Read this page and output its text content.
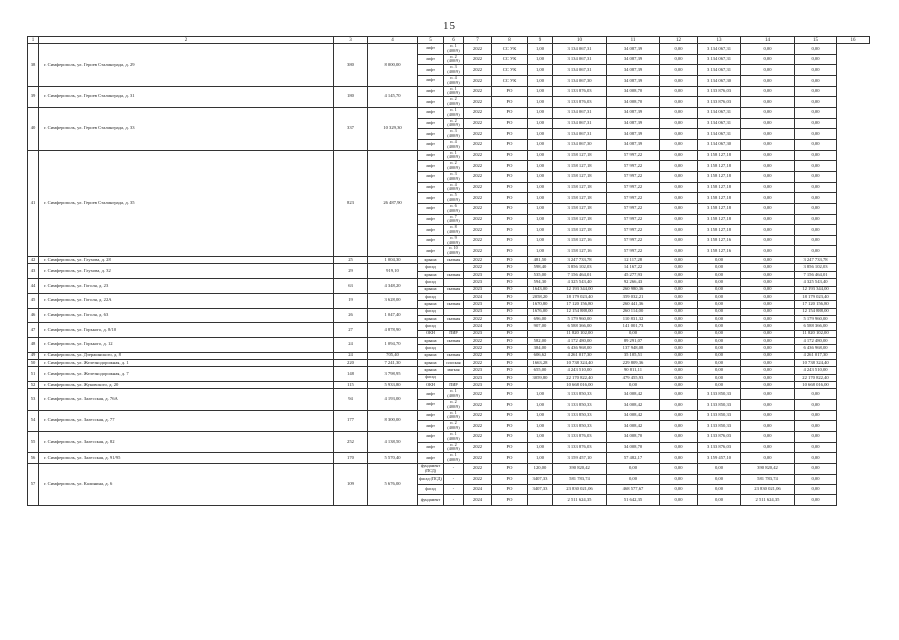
15
1	2	3	4	5	6	7	8	9	10	11	12	13	14	15	16
38	г. Симферополь, ул. Героев Сталинграда, д. 29	380	8 000,00	лифт	п. 1 (400/9)	2022	СС УК	1,00	3 134 067,31	34 087,39	0,00	3 134 067,31	0,00	0,00	
				лифт	п. 2 (400/9)	2022	СС УК	1,00	3 134 067,31	34 087,39	0,00	3 134 067,31	0,00	0,00	
				лифт	п. 3 (400/9)	2022	СС УК	1,00	3 134 067,31	34 087,39	0,00	3 134 067,31	0,00	0,00	
				лифт	п. 4 (400/9)	2022	СС УК	1,00	3 134 067,30	34 087,39	0,00	3 134 067,30	0,00	0,00	
39	г. Симферополь, ул. Героев Сталинграда, д. 31	180	4 145,70	лифт	п. 1 (400/9)	2022	РО	1,00	3 133 876,03	34 008,70	0,00	3 133 876,03	0,00	0,00	
				лифт	п. 2 (400/9)	2022	РО	1,00	3 133 876,03	34 008,70	0,00	3 133 876,03	0,00	0,00	
40	г. Симферополь, ул. Героев Сталинграда, д. 33	337	10 329,30	лифт	п. 1 (400/9)	2022	РО	1,00	3 134 067,31	34 087,39	0,00	3 134 067,31	0,00	0,00	
				лифт	п. 2 (400/9)	2022	РО	1,00	3 134 067,31	34 087,39	0,00	3 134 067,31	0,00	0,00	
				лифт	п. 3 (400/9)	2022	РО	1,00	3 134 067,31	34 087,39	0,00	3 134 067,31	0,00	0,00	
				лифт	п. 4 (400/9)	2022	РО	1,00	3 134 067,30	34 087,39	0,00	3 134 067,30	0,00	0,00	
41	г. Симферополь, ул. Героев Сталинграда, д. 35	823	26 487,90	лифт	п. 1 (400/9)	2022	РО	1,00	3 158 127,18	57 997,22	0,00	3 158 127,18	0,00	0,00	
				лифт	п. 2 (400/9)	2022	РО	1,00	3 158 127,18	57 997,22	0,00	3 158 127,18	0,00	0,00	
				лифт	п. 3 (400/9)	2022	РО	1,00	3 158 127,18	57 997,22	0,00	3 158 127,18	0,00	0,00	
				лифт	п. 4 (400/9)	2022	РО	1,00	3 158 127,18	57 997,22	0,00	3 158 127,18	0,00	0,00	
				лифт	п. 5 (400/9)	2022	РО	1,00	3 158 127,18	57 997,22	0,00	3 158 127,18	0,00	0,00	
				лифт	п. 6 (400/9)	2022	РО	1,00	3 158 127,18	57 997,22	0,00	3 158 127,18	0,00	0,00	
				лифт	п. 7 (400/9)	2022	РО	1,00	3 158 127,18	57 997,22	0,00	3 158 127,18	0,00	0,00	
				лифт	п. 8 (400/9)	2022	РО	1,00	3 158 127,18	57 997,22	0,00	3 158 127,18	0,00	0,00	
				лифт	п. 9 (400/9)	2022	РО	1,00	3 158 127,16	57 997,22	0,00	3 158 127,16	0,00	0,00	
				лифт	п. 10 (400/9)	2022	РО	1,00	3 158 127,16	57 997,22	0,00	3 158 127,16	0,00	0,00	
42	г. Симферополь, ул. Глухова, д. 28	25	1 004,30	крыша	скатная	2022	РО	481,50	3 247 733,78	12 117,28	0,00	0,00	0,00	3 247 733,78	
43	г. Симферополь, ул. Глухова, д. 32	29	919,10	фасад		2022	РО	598,40	3 856 102,03	14 167,22	0,00	0,00	0,00	3 856 102,03	
				крыша	скатная	2023	РО	535,00	7 156 464,01	45 277,93	0,00	0,00	0,00	7 156 464,01	
44	г. Симферополь, ул. Гоголя, д. 23	63	4 348,20	фасад		2023	РО	594,30	4 325 543,40	92 266,43	0,00	0,00	0,00	4 325 543,40	
				крыша	скатная	2023	РО	1643,00	12 193 344,00	260 980,36	0,00	0,00	0,00	12 193 344,00	
45	г. Симферополь, ул. Гоголя, д. 22А	19	3 628,00	фасад		2024	РО	2058,20	18 179 023,40	359 032,21	0,00	0,00	0,00	18 179 023,40	
				крыша	скатная	2023	РО	1670,80	17 120 156,80	260 441,36	0,00	0,00	0,00	17 120 156,80	
46	г. Симферополь, ул. Гоголя, д. 63	26	1 047,40	фасад		2023	РО	1676,00	12 154 888,00	260 114,00	0,00	0,00	0,00	12 154 888,00	
				крыша	скатная	2022	РО	696,00	5 179 960,00	110 831,32	0,00	0,00	0,00	5 179 960,00	
47	г. Симферополь, ул. Горького, д. 8/10	27	4 878,90	фасад		2024	РО	907,00	6 588 366,00	141 001,73	0,00	0,00	0,00	6 588 366,00	
				ОКН	ПИР	2023	РО		11 820 102,00	0,00	0,00	0,00	0,00	11 820 102,00	
48	г. Симферополь, ул. Горького, д. 12	24	1 094,70	крыша	скатная	2022	РО	582,00	4 172 480,00	89 291,07	0,00	0,00	0,00	4 172 480,00	
				фасад		2022	РО	384,00	6 436 968,00	137 948,08	0,00	0,00	0,00	6 436 968,00	
49	г. Симферополь, ул. Дзержинского, д. 8	24	705,40	крыша	скатная	2022	РО	606,62	4 261 017,30	35 105,51	0,00	0,00	0,00	4 261 017,30	
50	г. Симферополь, ул. Железнодорожная, д. 1	220	7 241,30	крыша	плоская	2022	РО	1663,28	10 738 324,40	229 809,36	0,00	0,00	0,00	10 738 324,40	
51	г. Симферополь, ул. Железнодорожная, д. 7	148	3 798,95	крыша	мягкая	2023	РО	655,00	4 243 510,00	90 811,11	0,00	0,00	0,00	4 243 510,00	
				фасад		2023	РО	3059,80	22 170 822,40	479 455,93	0,00	0,00	0,00	22 170 822,40	
52	г. Симферополь, ул. Жуковского, д. 20	115	5 933,80	ОКН	ПИР	2023	РО		10 668 016,00	0,00	0,00	0,00	0,00	10 668 016,00	
53	г. Симферополь, ул. Залесская, д. 76А	94	4 193,00	лифт	п. 1 (400/9)	2022	РО	1,00	3 133 850,33	34 008,42	0,00	3 133 850,33	0,00	0,00	
				лифт	п. 2 (400/9)	2022	РО	1,00	3 133 850,33	34 008,42	0,00	3 133 850,33	0,00	0,00	
54	г. Симферополь, ул. Залесская, д. 77	177	8 300,00	лифт	п. 1 (400/9)	2022	РО	1,00	3 133 850,33	34 008,42	0,00	3 133 850,33	0,00	0,00	
				лифт	п. 2 (400/9)	2022	РО	1,00	3 133 850,33	34 008,42	0,00	3 133 850,33	0,00	0,00	
55	г. Симферополь, ул. Залесская, д. 82	252	4 138,50	лифт	п. 1 (400/9)	2022	РО	1,00	3 133 876,03	34 008,70	0,00	3 133 876,03	0,00	0,00	
				лифт	п. 2 (400/9)	2022	РО	1,00	3 133 876,03	34 008,70	0,00	3 133 876,03	0,00	0,00	
56	г. Симферополь, ул. Залесская, д. 91/95	170	5 570,40	лифт	п. 1 (400/9)	2022	РО	1,00	3 159 457,10	57 482,17	0,00	3 159 457,10	0,00	0,00	
57	г. Симферополь, ул. Калинина, д. 6	109	5 676,00	фундамент (ПСД)	-	2022	РО	120,00	390 820,42	0,00	0,00	0,00	390 820,42	0,00	
				фасад (ПСД)	-	2022	РО	3407,33	581 783,74	0,00	0,00	0,00	581 783,74	0,00	
				фасад	-	2024	РО	3407,33	23 830 021,06	468 577,67	0,00	0,00	23 830 021,06	0,00	
				фундамент	-	2024	РО		2 511 624,35	51 642,35	0,00	0,00	2 511 624,35	0,00	
